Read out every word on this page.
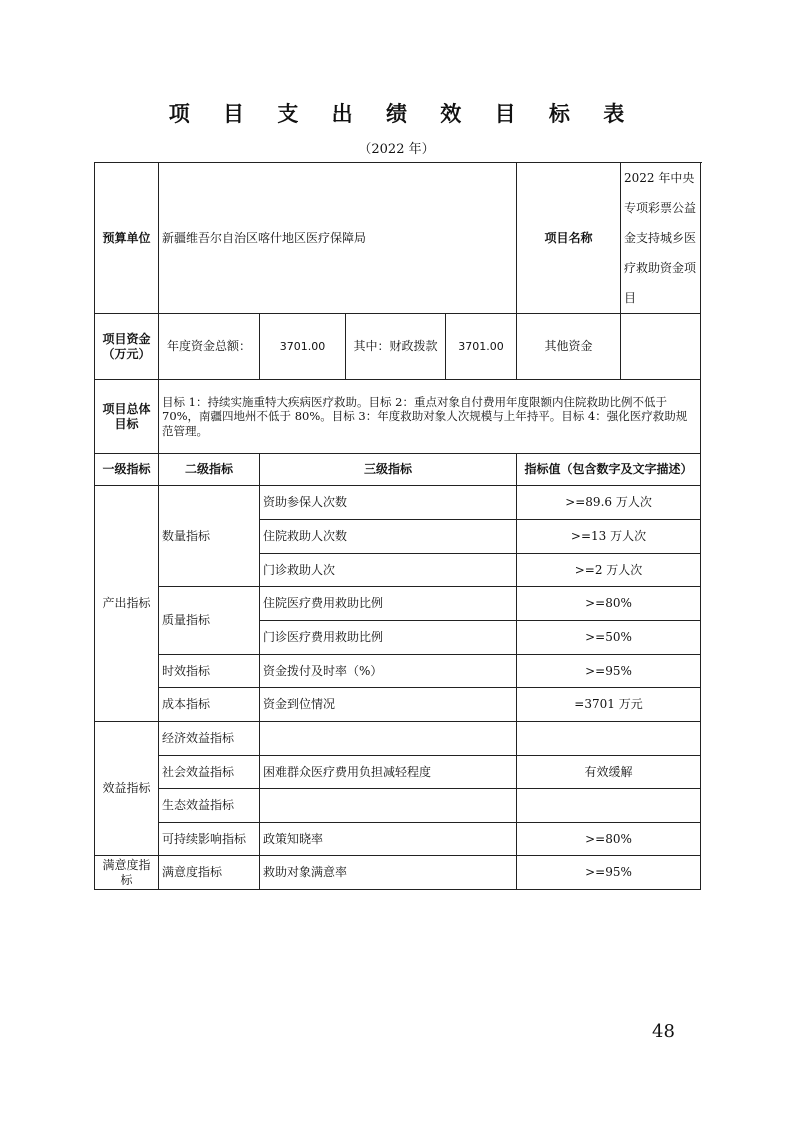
项 目 支 出 绩 效 目 标 表
（2022 年）
预算单位	新疆维吾尔自治区喀什地区医疗保障局				项目名称	2022 年中央专项彩票公益金支持城乡医疗救助资金项目
项目资金（万元）	年度资金总额：	3701.00	其中：财政拨款	3701.00	其他资金	
项目总体目标	目标 1：持续实施重特大疾病医疗救助。目标 2：重点对象自付费用年度限额内住院救助比例不低于 70%，南疆四地州不低于 80%。目标 3：年度救助对象人次规模与上年持平。目标 4：强化医疗救助规范管理。					
一级指标	二级指标	三级指标			指标值（包含数字及文字描述）	
产出指标	数量指标	资助参保人次数			>=89.6 万人次	
		住院救助人次数			>=13 万人次	
		门诊救助人次			>=2 万人次	
	质量指标	住院医疗费用救助比例			>=80%	
		门诊医疗费用救助比例			>=50%	
	时效指标	资金拨付及时率（%）			>=95%	
	成本指标	资金到位情况			=3701 万元	
效益指标	经济效益指标					
	社会效益指标	困难群众医疗费用负担减轻程度			有效缓解	
	生态效益指标					
	可持续影响指标	政策知晓率			>=80%	
满意度指标	满意度指标	救助对象满意率			>=95%	
48
